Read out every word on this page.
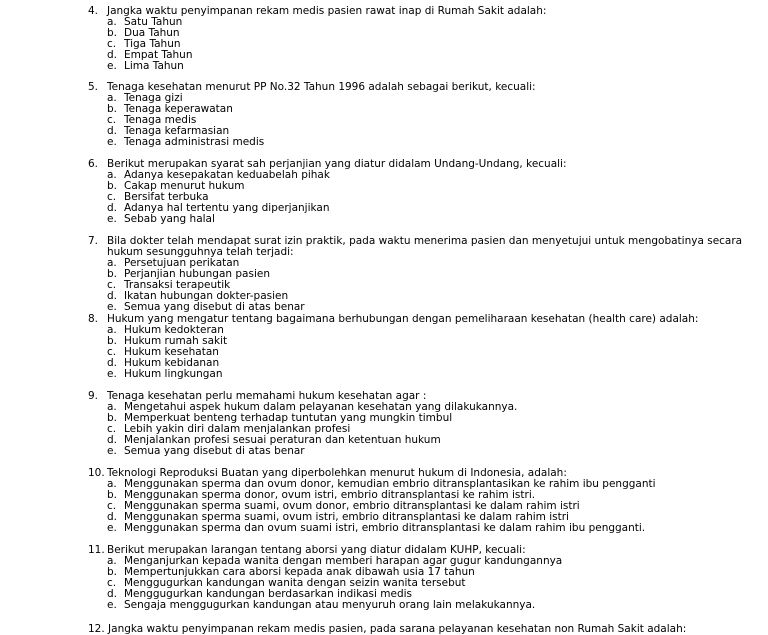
4. Jangka waktu penyimpanan rekam medis pasien rawat inap di Rumah Sakit adalah:
a. Satu Tahun
b. Dua Tahun
c. Tiga Tahun
d. Empat Tahun
e. Lima Tahun
5. Tenaga kesehatan menurut PP No.32 Tahun 1996 adalah sebagai berikut, kecuali:
a. Tenaga gizi
b. Tenaga keperawatan
c. Tenaga medis
d. Tenaga kefarmasian
e. Tenaga administrasi medis
6. Berikut merupakan syarat sah perjanjian yang diatur didalam Undang-Undang, kecuali:
a. Adanya kesepakatan keduabelah pihak
b. Cakap menurut hukum
c. Bersifat terbuka
d. Adanya hal tertentu yang diperjanjikan
e. Sebab yang halal
7. Bila dokter telah mendapat surat izin praktik, pada waktu menerima pasien dan menyetujui untuk mengobatinya secara hukum sesungguhnya telah terjadi:
a. Persetujuan perikatan
b. Perjanjian hubungan pasien
c. Transaksi terapeutik
d. Ikatan hubungan dokter-pasien
e. Semua yang disebut di atas benar
8. Hukum yang mengatur tentang bagaimana berhubungan dengan pemeliharaan kesehatan (health care) adalah:
a. Hukum kedokteran
b. Hukum rumah sakit
c. Hukum kesehatan
d. Hukum kebidanan
e. Hukum lingkungan
9. Tenaga kesehatan perlu memahami hukum kesehatan agar :
a. Mengetahui aspek hukum dalam pelayanan kesehatan yang dilakukannya.
b. Memperkuat benteng terhadap tuntutan yang mungkin timbul
c. Lebih yakin diri dalam menjalankan profesi
d. Menjalankan profesi sesuai peraturan dan ketentuan hukum
e. Semua yang disebut di atas benar
10. Teknologi Reproduksi Buatan yang diperbolehkan menurut hukum di Indonesia, adalah:
a. Menggunakan sperma dan ovum donor, kemudian embrio ditransplantasikan ke rahim ibu pengganti
b. Menggunakan sperma donor, ovum istri, embrio ditransplantasi ke rahim istri.
c. Menggunakan sperma suami, ovum donor, embrio ditransplantasi ke dalam rahim istri
d. Menggunakan sperma suami, ovum istri, embrio ditransplantasi ke dalam rahim istri
e. Menggunakan sperma dan ovum suami istri, embrio ditransplantasi ke dalam rahim ibu pengganti.
11. Berikut merupakan larangan tentang aborsi yang diatur didalam KUHP, kecuali:
a. Menganjurkan kepada wanita dengan memberi harapan agar gugur kandungannya
b. Mempertunjukkan cara aborsi kepada anak dibawah usia 17 tahun
c. Menggugurkan kandungan wanita dengan seizin wanita tersebut
d. Menggugurkan kandungan berdasarkan indikasi medis
e. Sengaja menggugurkan kandungan atau menyuruh orang lain melakukannya.
12. Jangka waktu penyimpanan rekam medis pasien, pada sarana pelayanan kesehatan non Rumah Sakit adalah:
